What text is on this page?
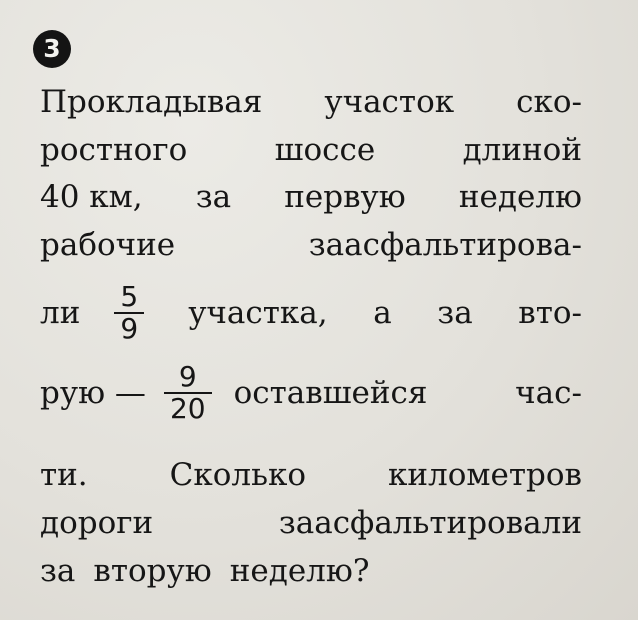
3
Прокладывая участок ско-
ростного	шоссе	длиной
40 км, за первую неделю
рабочие	заасфальтирова-
ли $\frac{5}{9}$ участка, а за вто-
рую — $\frac{9}{20}$ оставшейся	час-
ти.	Сколько	километров
дороги	заасфальтировали
за вторую неделю?
